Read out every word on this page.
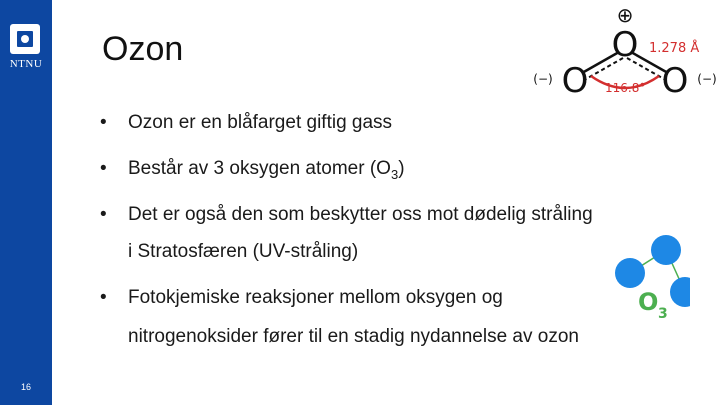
NTNU
16
Ozon
• Ozon er en blåfarget giftig gass
• Består av 3 oksygen atomer $(O_3)$
• Det er også den som beskytter oss mot dødelig stråling
i Stratosfæren (UV-stråling)
• Fotokjemiske reaksjoner mellom oksygen og
nitrogenoksider fører til en stadig nydannelse av ozon
⊕
O
O O
(−)	(−)
1.278 Å
116.8°
O 3
